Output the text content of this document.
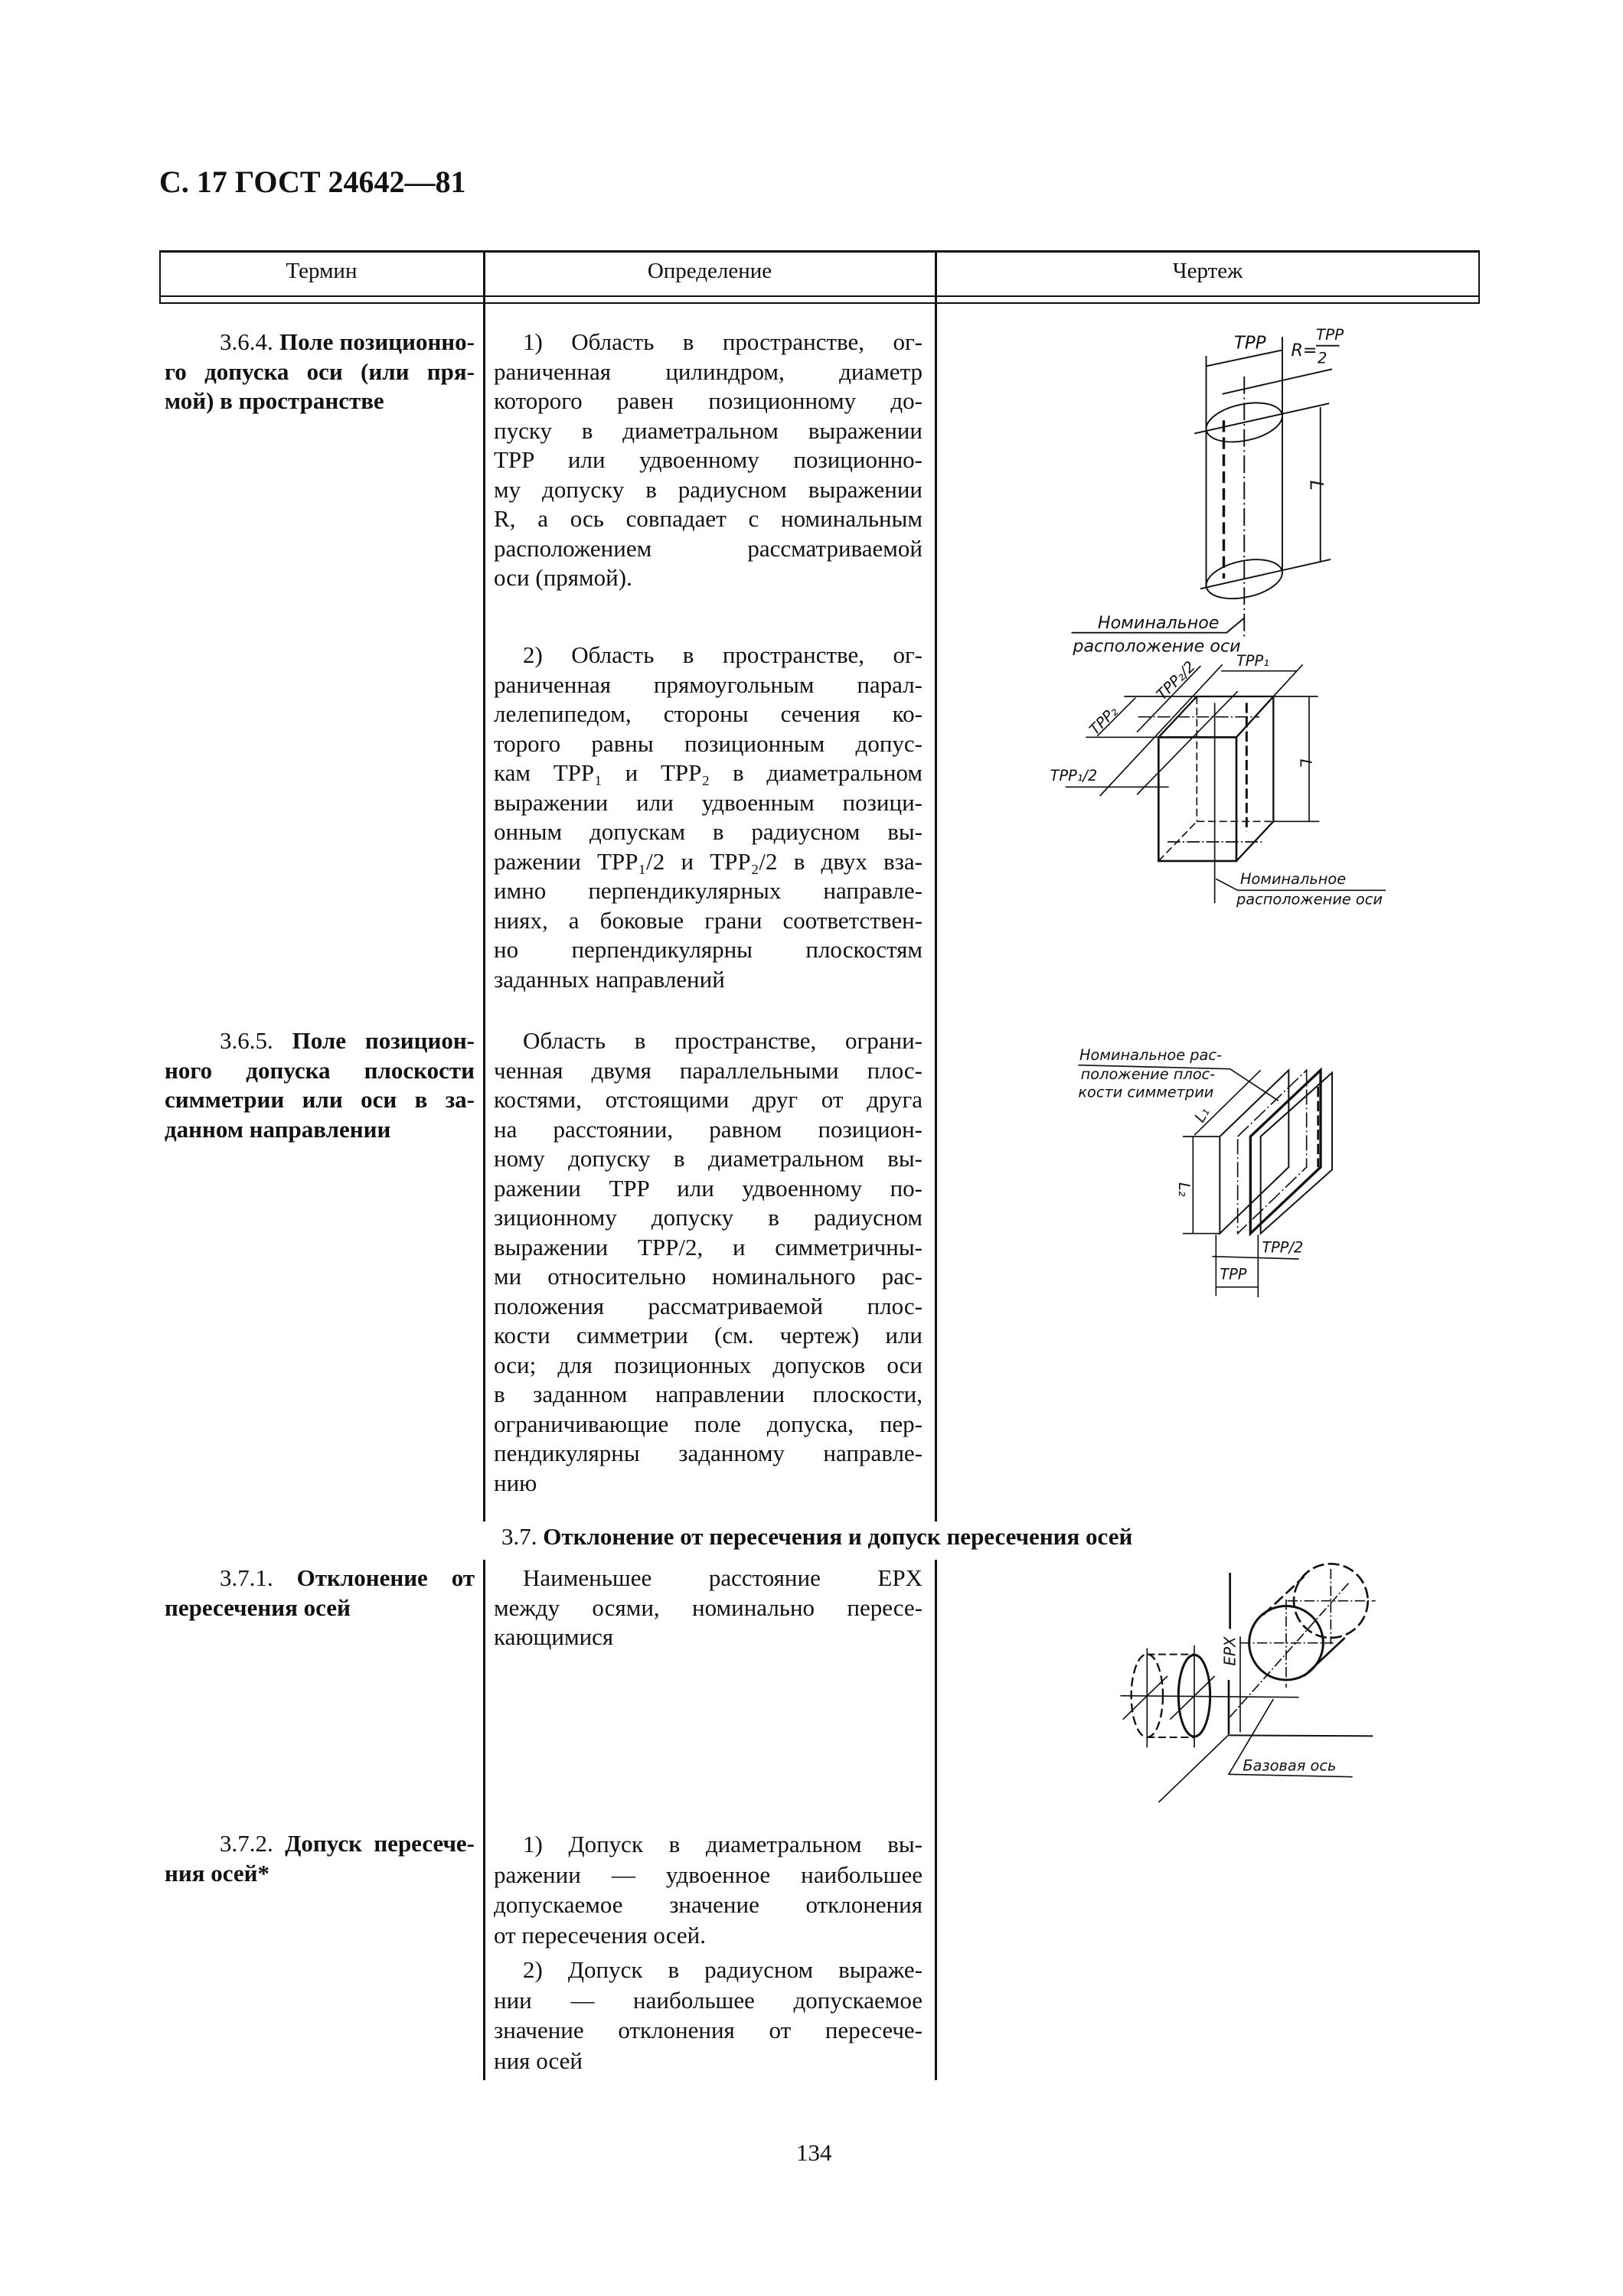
С. 17 ГОСТ 24642—81
Термин	Определение	Чертеж
3.6.4. Поле позиционно-
го допуска оси (или пря-
мой) в пространстве
1) Область в пространстве, ог-
раниченная цилиндром, диаметр
которого равен позиционному до-
пуску в диаметральном выражении
TPP или удвоенному позиционно-
му допуску в радиусном выражении
R, а ось совпадает с номинальным
расположением рассматриваемой
оси (прямой).
2) Область в пространстве, ог-
раниченная прямоугольным парал-
лелепипедом, стороны сечения ко-
торого равны позиционным допус-
кам TPP₁ и TPP₂ в диаметральном
выражении или удвоенным позици-
онным допускам в радиусном вы-
ражении TPP₁/2 и TPP₂/2 в двух вза-
имно перпендикулярных направле-
ниях, а боковые грани соответствен-
но перпендикулярны плоскостям
заданных направлений
3.6.5. Поле позицион-
ного допуска плоскости
симметрии или оси в за-
данном направлении
Область в пространстве, ограни-
ченная двумя параллельными плос-
костями, отстоящими друг от друга
на расстоянии, равном позицион-
ному допуску в диаметральном вы-
ражении TPP или удвоенному по-
зиционному допуску в радиусном
выражении TPP/2, и симметричны-
ми относительно номинального рас-
положения рассматриваемой плос-
кости симметрии (см. чертеж) или
оси; для позиционных допусков оси
в заданном направлении плоскости,
ограничивающие поле допуска, пер-
пендикулярны заданному направле-
нию
3.7. Отклонение от пересечения и допуск пересечения осей
3.7.1. Отклонение от
пересечения осей
Наименьшее расстояние EPX
между осями, номинально пересе-
кающимися
3.7.2. Допуск пересече-
ния осей*
1) Допуск в диаметральном вы-
ражении — удвоенное наибольшее
допускаемое значение отклонения
от пересечения осей.
2) Допуск в радиусном выраже-
нии — наибольшее допускаемое
значение отклонения от пересече-
ния осей
TPP R=
TPP
2
L
Номинальное
расположение оси
TPP₂
TPP₂/2 TPP₁
TPP₁/2
L
Номинальное
расположение оси
Номинальное рас-
положение плос-
кости симметрии
L₁
L₂
TPP/2
TPP
EPX
Базовая ось
134
